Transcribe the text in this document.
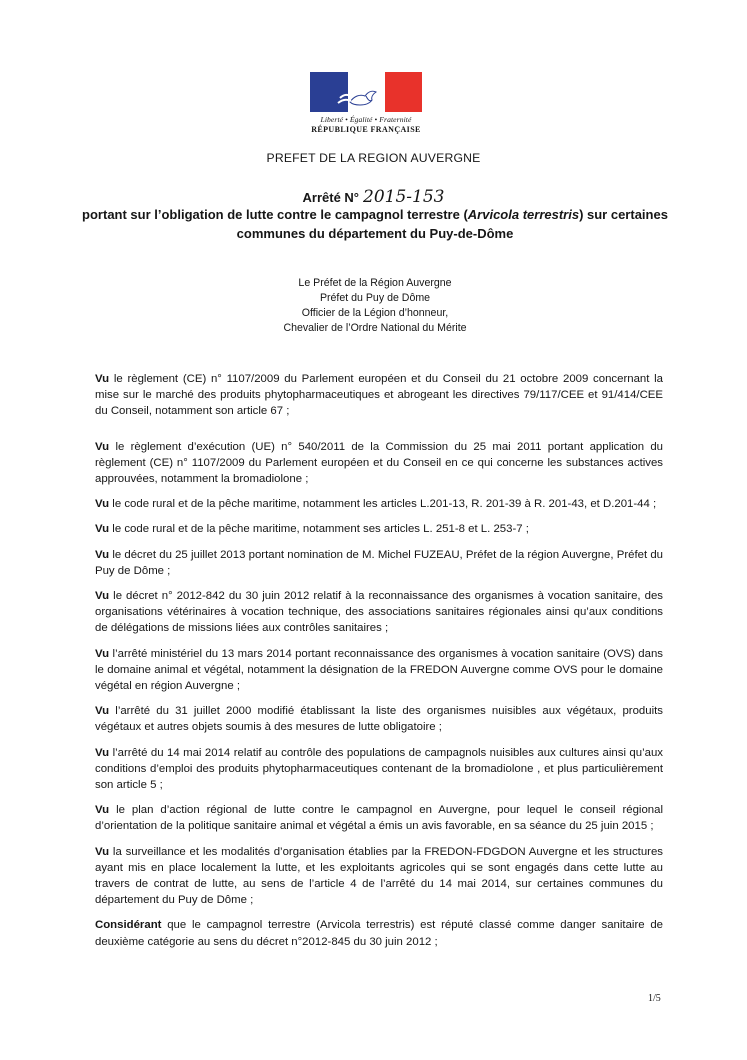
Liberté • Égalité • Fraternité
RÉPUBLIQUE FRANÇAISE
PREFET DE LA REGION AUVERGNE
Arrêté N° 2015-153
portant sur l’obligation de lutte contre le campagnol terrestre (Arvicola terrestris) sur certaines communes du département du Puy-de-Dôme
Le Préfet de la Région Auvergne
Préfet du Puy de Dôme
Officier de la Légion d’honneur,
Chevalier de l’Ordre National du Mérite

Vu le règlement (CE) n° 1107/2009 du Parlement européen et du Conseil du 21 octobre 2009 concernant la mise sur le marché des produits phytopharmaceutiques et abrogeant les directives 79/117/CEE et 91/414/CEE du Conseil, notamment son article 67 ;

Vu le règlement d’exécution (UE) n° 540/2011 de la Commission du 25 mai 2011 portant application du règlement (CE) n° 1107/2009 du Parlement européen et du Conseil en ce qui concerne les substances actives approuvées, notamment la bromadiolone ;

Vu le code rural et de la pêche maritime, notamment les articles L.201-13, R. 201-39 à R. 201-43, et D.201-44 ;

Vu le code rural et de la pêche maritime, notamment ses articles L. 251-8 et L. 253-7 ;

Vu le décret du 25 juillet 2013 portant nomination de M. Michel FUZEAU, Préfet de la région Auvergne, Préfet du Puy de Dôme ;

Vu le décret n° 2012-842 du 30 juin 2012 relatif à la reconnaissance des organismes à vocation sanitaire, des organisations vétérinaires à vocation technique, des associations sanitaires régionales ainsi qu’aux conditions de délégations de missions liées aux contrôles sanitaires ;

Vu l’arrêté ministériel du 13 mars 2014 portant reconnaissance des organismes à vocation sanitaire (OVS) dans le domaine animal et végétal, notamment la désignation de la FREDON Auvergne comme OVS pour le domaine végétal en région Auvergne ;

Vu l’arrêté du 31 juillet 2000 modifié établissant la liste des organismes nuisibles aux végétaux, produits végétaux et autres objets soumis à des mesures de lutte obligatoire ;

Vu l’arrêté du 14 mai 2014 relatif au contrôle des populations de campagnols nuisibles aux cultures ainsi qu’aux conditions d’emploi des produits phytopharmaceutiques contenant de la bromadiolone , et plus particulièrement son article 5 ;

Vu le plan d’action régional de lutte contre le campagnol en Auvergne, pour lequel le conseil régional d’orientation de la politique sanitaire animal et végétal a émis un avis favorable, en sa séance du 25 juin 2015 ;

Vu la surveillance et les modalités d’organisation établies par la FREDON-FDGDON Auvergne et les structures ayant mis en place localement la lutte, et les exploitants agricoles qui se sont engagés dans cette lutte au travers de contrat de lutte, au sens de l’article 4 de l’arrêté du 14 mai 2014, sur certaines communes du département du Puy de Dôme ;

Considérant que le campagnol terrestre (Arvicola terrestris) est réputé classé comme danger sanitaire de deuxième catégorie au sens du décret n°2012-845 du 30 juin 2012 ;

1/5
